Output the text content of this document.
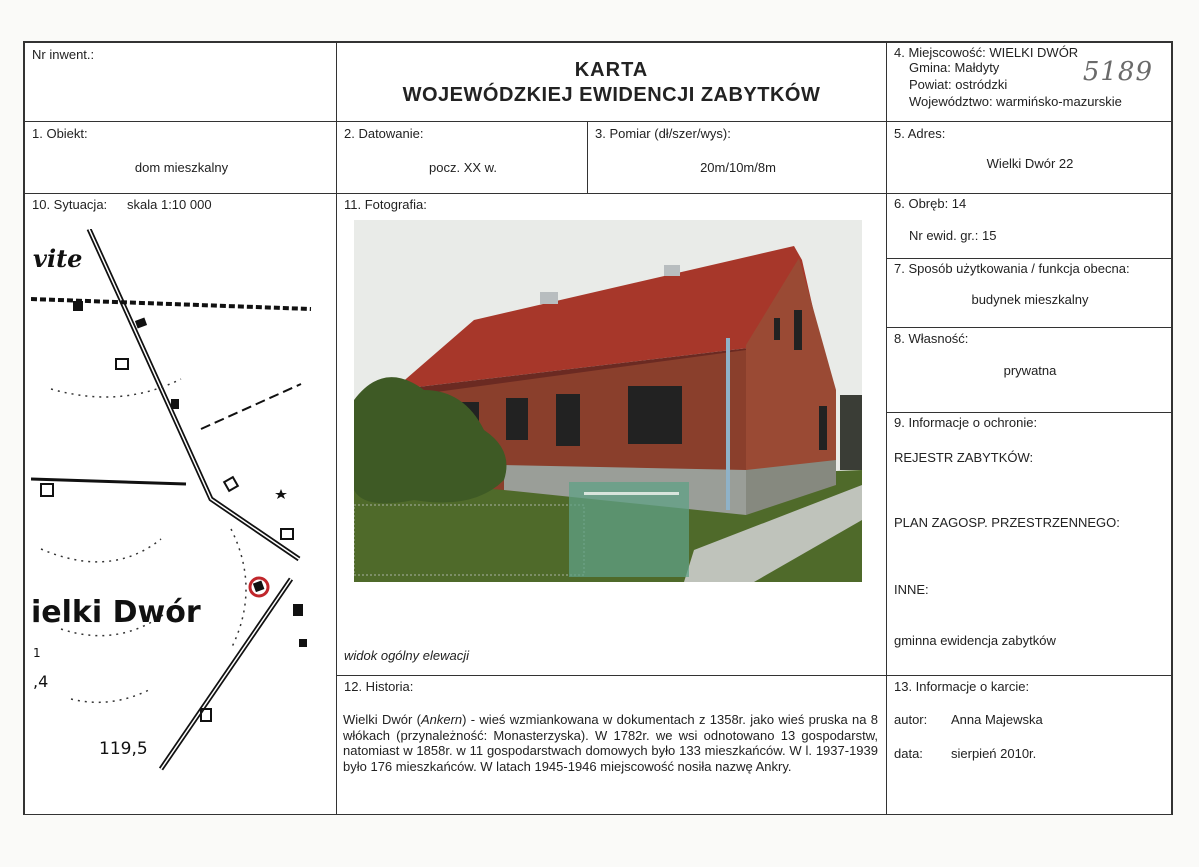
Nr inwent.:
KARTA
WOJEWÓDZKIEJ EWIDENCJI ZABYTKÓW
4. Miejscowość: WIELKI DWÓR
Gmina: Małdyty
Powiat: ostródzki
Województwo: warmińsko-mazurskie
5189
1. Obiekt:
dom mieszkalny
2. Datowanie:
pocz. XX w.
3. Pomiar (dł/szer/wys):
20m/10m/8m
5. Adres:
Wielki Dwór 22
10. Sytuacja: skala 1:10 000
vite
ielki Dwór
119,5
,4
1
11. Fotografia:
widok ogólny elewacji
6. Obręb: 14
Nr ewid. gr.: 15
7. Sposób użytkowania / funkcja obecna:
budynek mieszkalny
8. Własność:
prywatna
9. Informacje o ochronie:
REJESTR ZABYTKÓW:
PLAN ZAGOSP. PRZESTRZENNEGO:
INNE:
gminna ewidencja zabytków
12. Historia:
Wielki Dwór (Ankern) - wieś wzmiankowana w dokumentach z 1358r. jako wieś pruska na 8 włókach (przynależność: Monasterzyska). W 1782r. we wsi odnotowano 13 gospodarstw, natomiast w 1858r. w 11 gospodarstwach domowych było 133 mieszkańców. W l. 1937-1939 było 176 mieszkańców. W latach 1945-1946 miejscowość nosiła nazwę Ankry.
13. Informacje o karcie:
autor: Anna Majewska
data: sierpień 2010r.
